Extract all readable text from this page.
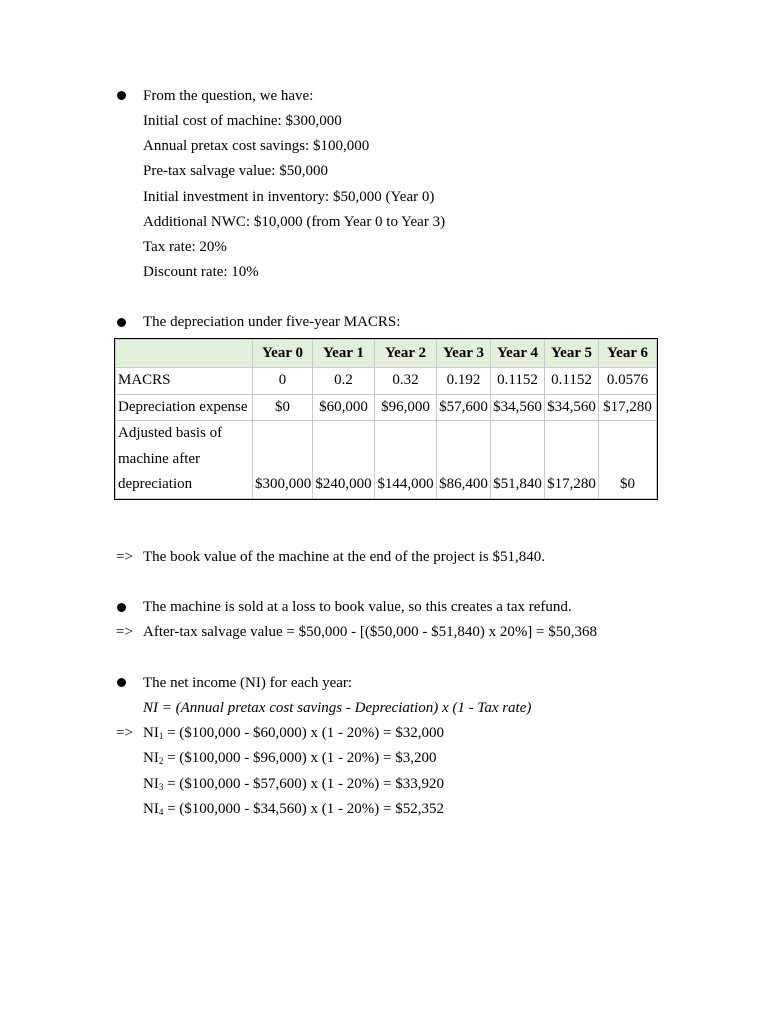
From the question, we have:
Initial cost of machine: $300,000
Annual pretax cost savings: $100,000
Pre-tax salvage value: $50,000
Initial investment in inventory: $50,000 (Year 0)
Additional NWC: $10,000 (from Year 0 to Year 3)
Tax rate: 20%
Discount rate: 10%
The depreciation under five-year MACRS:
	Year 0	Year 1	Year 2	Year 3	Year 4	Year 5	Year 6
MACRS	0	0.2	0.32	0.192	0.1152	0.1152	0.0576
Depreciation expense	$0	$60,000	$96,000	$57,600	$34,560	$34,560	$17,280
Adjusted basis of machine after depreciation	$300,000	$240,000	$144,000	$86,400	$51,840	$17,280	$0
=> The book value of the machine at the end of the project is $51,840.
The machine is sold at a loss to book value, so this creates a tax refund.
=> After-tax salvage value = $50,000 - [($50,000 - $51,840) x 20%] = $50,368
The net income (NI) for each year:
NI = (Annual pretax cost savings - Depreciation) x (1 - Tax rate)
=> $NI_1$ = ($100,000 - $60,000) x (1 - 20%) = $32,000
$NI_2$ = ($100,000 - $96,000) x (1 - 20%) = $3,200
$NI_3$ = ($100,000 - $57,600) x (1 - 20%) = $33,920
$NI_4$ = ($100,000 - $34,560) x (1 - 20%) = $52,352
